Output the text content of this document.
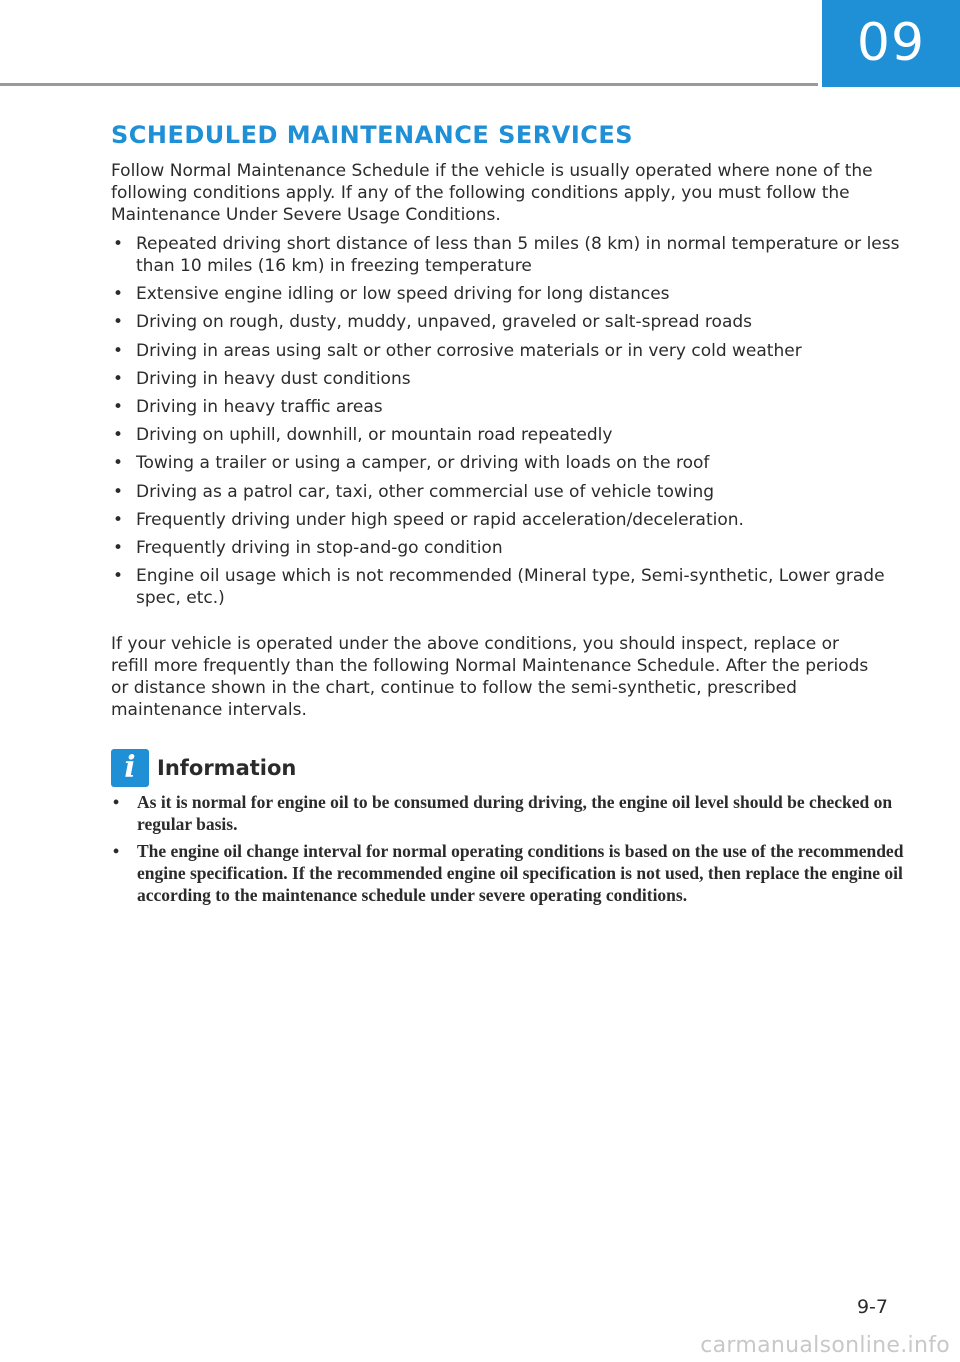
09
SCHEDULED MAINTENANCE SERVICES

Follow Normal Maintenance Schedule if the vehicle is usually operated where none of the following conditions apply. If any of the following conditions apply, you must follow the Maintenance Under Severe Usage Conditions.

• Repeated driving short distance of less than 5 miles (8 km) in normal temperature or less than 10 miles (16 km) in freezing temperature
• Extensive engine idling or low speed driving for long distances
• Driving on rough, dusty, muddy, unpaved, graveled or salt-spread roads
• Driving in areas using salt or other corrosive materials or in very cold weather
• Driving in heavy dust conditions
• Driving in heavy traffic areas
• Driving on uphill, downhill, or mountain road repeatedly
• Towing a trailer or using a camper, or driving with loads on the roof
• Driving as a patrol car, taxi, other commercial use of vehicle towing
• Frequently driving under high speed or rapid acceleration/deceleration.
• Frequently driving in stop-and-go condition
• Engine oil usage which is not recommended (Mineral type, Semi-synthetic, Lower grade spec, etc.)

If your vehicle is operated under the above conditions, you should inspect, replace or refill more frequently than the following Normal Maintenance Schedule. After the periods or distance shown in the chart, continue to follow the semi-synthetic, prescribed maintenance intervals.

i	Information
• As it is normal for engine oil to be consumed during driving, the engine oil level should be checked on regular basis.
• The engine oil change interval for normal operating conditions is based on the use of the recommended engine specification. If the recommended engine oil specification is not used, then replace the engine oil according to the maintenance schedule under severe operating conditions.
9-7
carmanualsonline.info
